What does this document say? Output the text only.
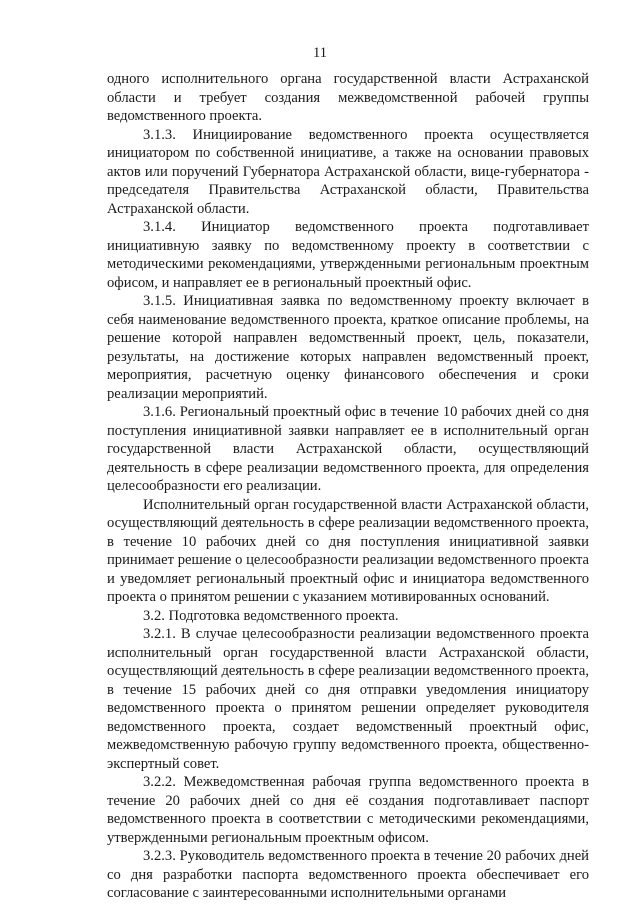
11

одного исполнительного органа государственной власти Астраханской области и требует создания межведомственной рабочей группы ведомственного проекта.

3.1.3. Инициирование ведомственного проекта осуществляется инициатором по собственной инициативе, а также на основании правовых актов или поручений Губернатора Астраханской области, вице-губернатора - председателя Правительства Астраханской области, Правительства Астраханской области.

3.1.4. Инициатор ведомственного проекта подготавливает инициативную заявку по ведомственному проекту в соответствии с методическими рекомендациями, утвержденными региональным проектным офисом, и направляет ее в региональный проектный офис.

3.1.5. Инициативная заявка по ведомственному проекту включает в себя наименование ведомственного проекта, краткое описание проблемы, на решение которой направлен ведомственный проект, цель, показатели, результаты, на достижение которых направлен ведомственный проект, мероприятия, расчетную оценку финансового обеспечения и сроки реализации мероприятий.

3.1.6. Региональный проектный офис в течение 10 рабочих дней со дня поступления инициативной заявки направляет ее в исполнительный орган государственной власти Астраханской области, осуществляющий деятельность в сфере реализации ведомственного проекта, для определения целесообразности его реализации.

Исполнительный орган государственной власти Астраханской области, осуществляющий деятельность в сфере реализации ведомственного проекта, в течение 10 рабочих дней со дня поступления инициативной заявки принимает решение о целесообразности реализации ведомственного проекта и уведомляет региональный проектный офис и инициатора ведомственного проекта о принятом решении с указанием мотивированных оснований.

3.2. Подготовка ведомственного проекта.

3.2.1. В случае целесообразности реализации ведомственного проекта исполнительный орган государственной власти Астраханской области, осуществляющий деятельность в сфере реализации ведомственного проекта, в течение 15 рабочих дней со дня отправки уведомления инициатору ведомственного проекта о принятом решении определяет руководителя ведомственного проекта, создает ведомственный проектный офис, межведомственную рабочую группу ведомственного проекта, общественно-экспертный совет.

3.2.2. Межведомственная рабочая группа ведомственного проекта в течение 20 рабочих дней со дня её создания подготавливает паспорт ведомственного проекта в соответствии с методическими рекомендациями, утвержденными региональным проектным офисом.

3.2.3. Руководитель ведомственного проекта в течение 20 рабочих дней со дня разработки паспорта ведомственного проекта обеспечивает его согласование с заинтересованными исполнительными органами
